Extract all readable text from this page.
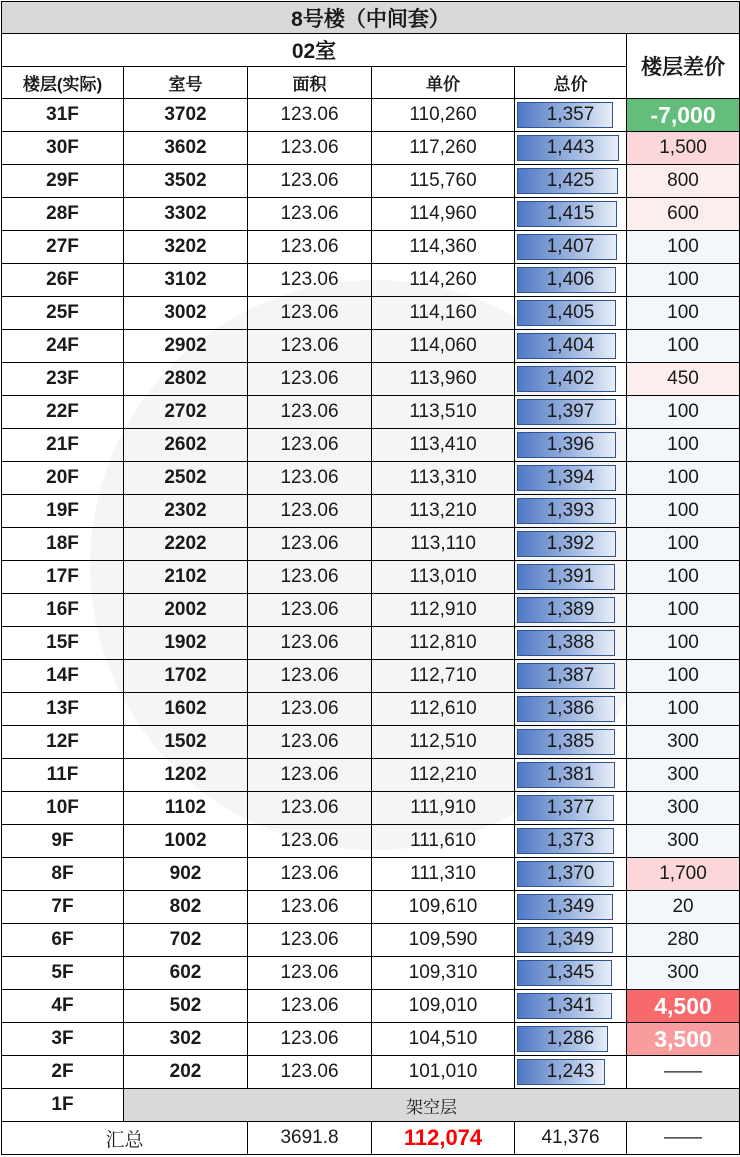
8号楼（中间套）					
02室					楼层差价
楼层(实际)	室号	面积	单价	总价	
31F	3702	123.06	110,260	1,357	-7,000
30F	3602	123.06	117,260	1,443	1,500
29F	3502	123.06	115,760	1,425	800
28F	3302	123.06	114,960	1,415	600
27F	3202	123.06	114,360	1,407	100
26F	3102	123.06	114,260	1,406	100
25F	3002	123.06	114,160	1,405	100
24F	2902	123.06	114,060	1,404	100
23F	2802	123.06	113,960	1,402	450
22F	2702	123.06	113,510	1,397	100
21F	2602	123.06	113,410	1,396	100
20F	2502	123.06	113,310	1,394	100
19F	2302	123.06	113,210	1,393	100
18F	2202	123.06	113,110	1,392	100
17F	2102	123.06	113,010	1,391	100
16F	2002	123.06	112,910	1,389	100
15F	1902	123.06	112,810	1,388	100
14F	1702	123.06	112,710	1,387	100
13F	1602	123.06	112,610	1,386	100
12F	1502	123.06	112,510	1,385	300
11F	1202	123.06	112,210	1,381	300
10F	1102	123.06	111,910	1,377	300
9F	1002	123.06	111,610	1,373	300
8F	902	123.06	111,310	1,370	1,700
7F	802	123.06	109,610	1,349	20
6F	702	123.06	109,590	1,349	280
5F	602	123.06	109,310	1,345	300
4F	502	123.06	109,010	1,341	4,500
3F	302	123.06	104,510	1,286	3,500
2F	202	123.06	101,010	1,243	——
1F	架空层				
汇总		3691.8	112,074	41,376	——
